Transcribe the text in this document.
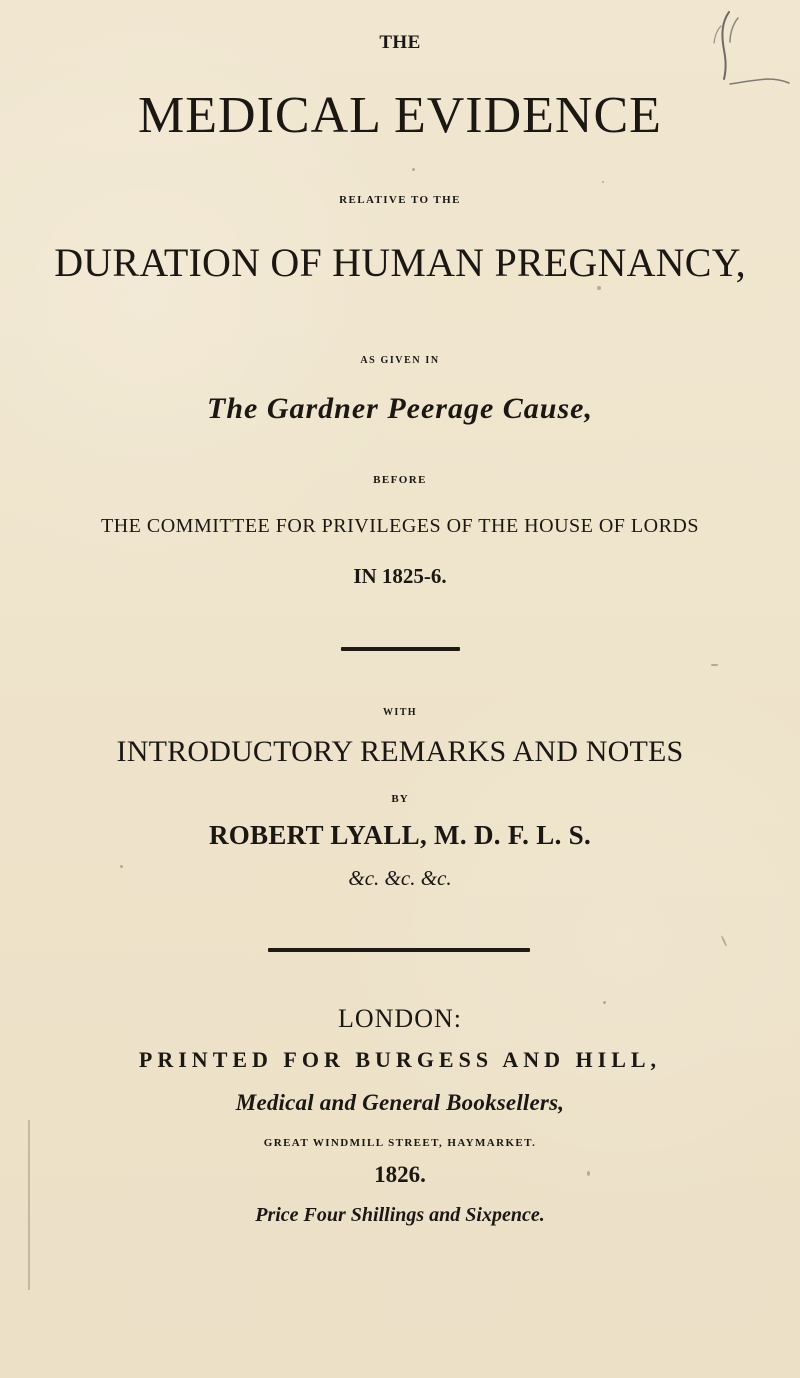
THE
MEDICAL EVIDENCE
RELATIVE TO THE
DURATION OF HUMAN PREGNANCY,
AS GIVEN IN
The Gardner Peerage Cause,
BEFORE
THE COMMITTEE FOR PRIVILEGES OF THE HOUSE OF LORDS
IN 1825-6.
WITH
INTRODUCTORY REMARKS AND NOTES
BY
ROBERT LYALL, M. D. F. L. S.
&c. &c. &c.
LONDON:
PRINTED FOR BURGESS AND HILL,
Medical and General Booksellers,
GREAT WINDMILL STREET, HAYMARKET.
1826.
Price Four Shillings and Sixpence.
